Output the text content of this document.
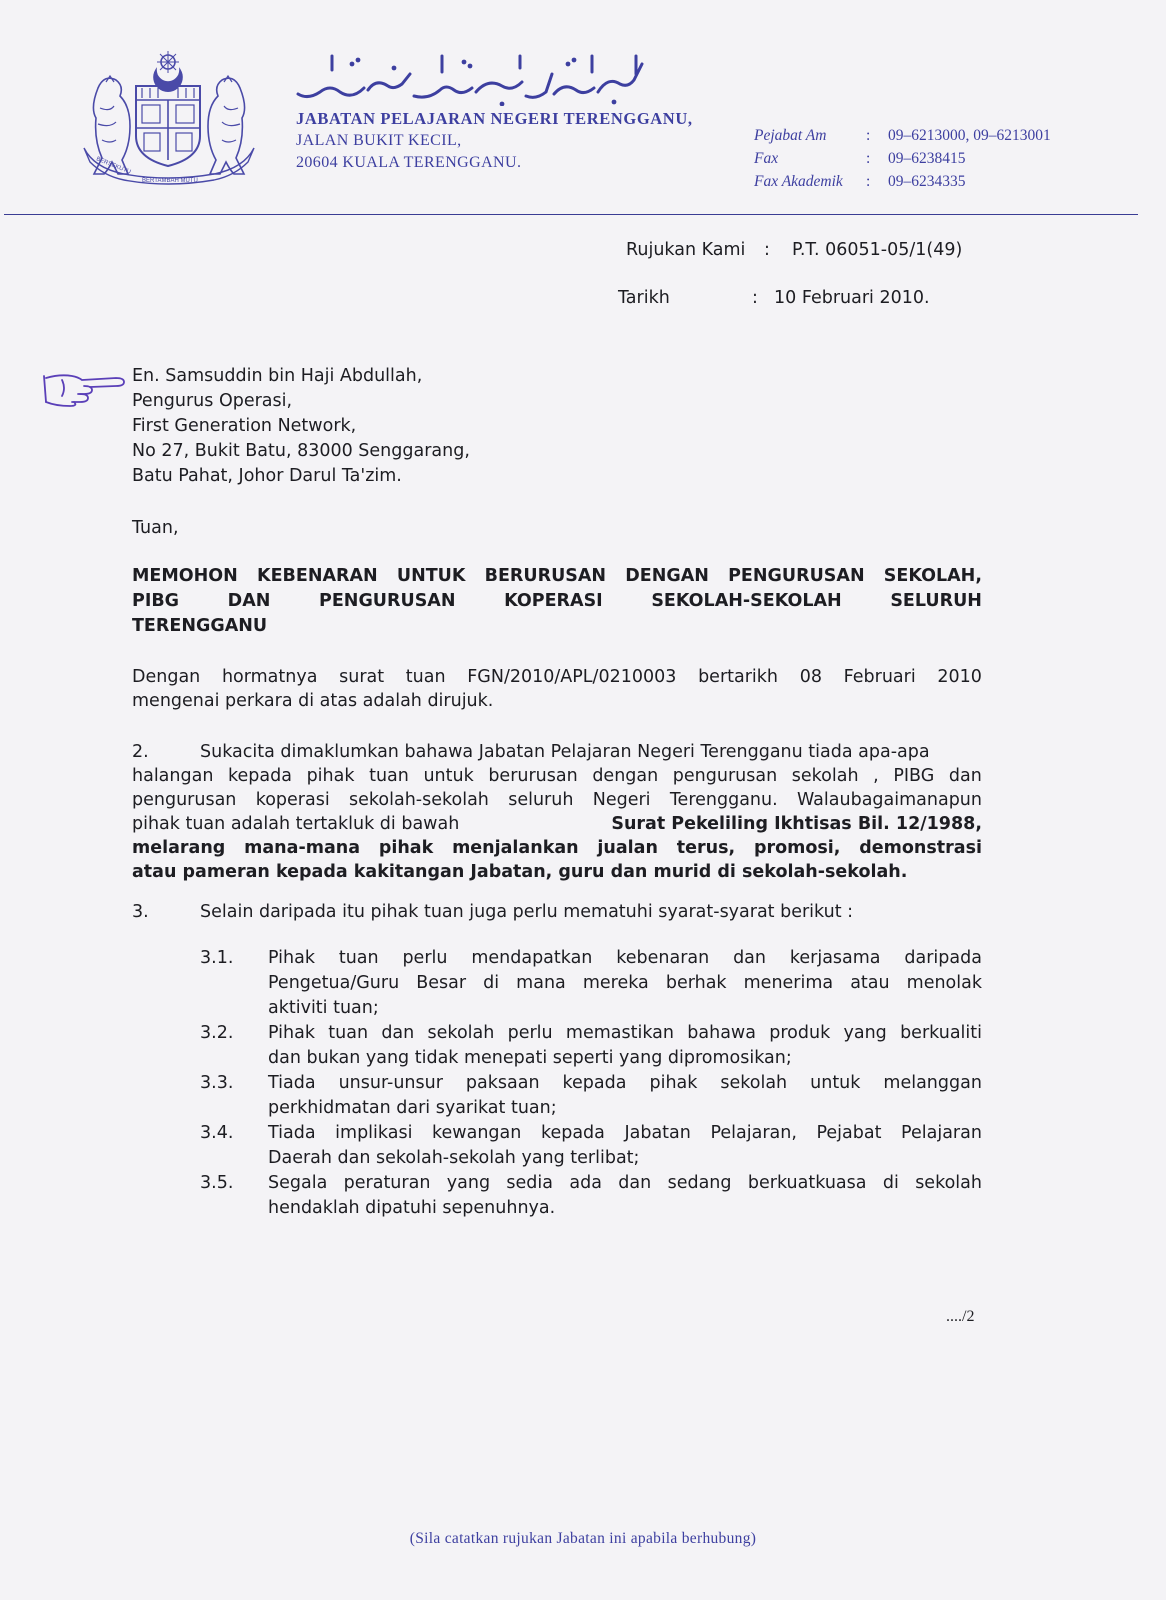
BERSEKUTU
BERTAMBAH MUTU
JABATAN PELAJARAN NEGERI TERENGGANU,
JALAN BUKIT KECIL,
20604 KUALA TERENGGANU.
Pejabat Am	:	09–6213000, 09–6213001
Fax	:	09–6238415
Fax Akademik	:	09–6234335
Rujukan Kami : P.T. 06051-05/1(49)
Tarikh	: 10 Februari 2010.
En. Samsuddin bin Haji Abdullah,
Pengurus Operasi,
First Generation Network,
No 27, Bukit Batu, 83000 Senggarang,
Batu Pahat, Johor Darul Ta'zim.
Tuan,
MEMOHON KEBENARAN UNTUK BERURUSAN DENGAN PENGURUSAN SEKOLAH,
PIBG	DAN	PENGURUSAN	KOPERASI	SEKOLAH-SEKOLAH	SELURUH
TERENGGANU
Dengan hormatnya surat tuan FGN/2010/APL/0210003 bertarikh 08 Februari 2010
mengenai perkara di atas adalah dirujuk.
2.	Sukacita dimaklumkan bahawa Jabatan Pelajaran Negeri Terengganu tiada apa-apa
halangan kepada pihak tuan untuk berurusan dengan pengurusan sekolah , PIBG dan
pengurusan koperasi sekolah-sekolah seluruh Negeri Terengganu. Walaubagaimanapun
pihak tuan adalah tertakluk di bawah	Surat Pekeliling Ikhtisas Bil. 12/1988,
melarang mana-mana pihak menjalankan jualan terus, promosi, demonstrasi
atau pameran kepada kakitangan Jabatan, guru dan murid di sekolah-sekolah.
3.	Selain daripada itu pihak tuan juga perlu mematuhi syarat-syarat berikut :
3.1.	Pihak tuan perlu mendapatkan kebenaran dan kerjasama daripada
Pengetua/Guru Besar di mana mereka berhak menerima atau menolak
aktiviti tuan;
3.2.	Pihak tuan dan sekolah perlu memastikan bahawa produk yang berkualiti
dan bukan yang tidak menepati seperti yang dipromosikan;
3.3.	Tiada unsur-unsur paksaan kepada pihak sekolah untuk melanggan
perkhidmatan dari syarikat tuan;
3.4.	Tiada implikasi kewangan kepada Jabatan Pelajaran, Pejabat Pelajaran
Daerah dan sekolah-sekolah yang terlibat;
3.5.	Segala peraturan yang sedia ada dan sedang berkuatkuasa di sekolah
hendaklah dipatuhi sepenuhnya.
..../2
(Sila catatkan rujukan Jabatan ini apabila berhubung)
